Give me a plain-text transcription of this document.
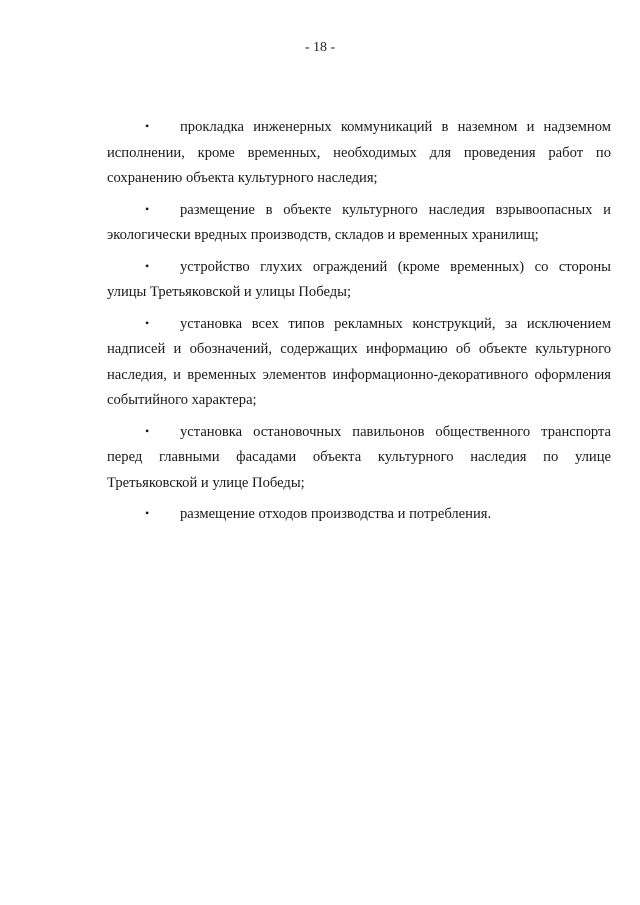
- 18 -

• прокладка инженерных коммуникаций в наземном и надземном исполнении, кроме временных, необходимых для проведения работ по сохранению объекта культурного наследия;

• размещение в объекте культурного наследия взрывоопасных и экологически вредных производств, складов и временных хранилищ;

• устройство глухих ограждений (кроме временных) со стороны улицы Третьяковской и улицы Победы;

• установка всех типов рекламных конструкций, за исключением надписей и обозначений, содержащих информацию об объекте культурного наследия, и временных элементов информационно-декоративного оформления событийного характера;

• установка остановочных павильонов общественного транспорта перед главными фасадами объекта культурного наследия по улице Третьяковской и улице Победы;

• размещение отходов производства и потребления.
